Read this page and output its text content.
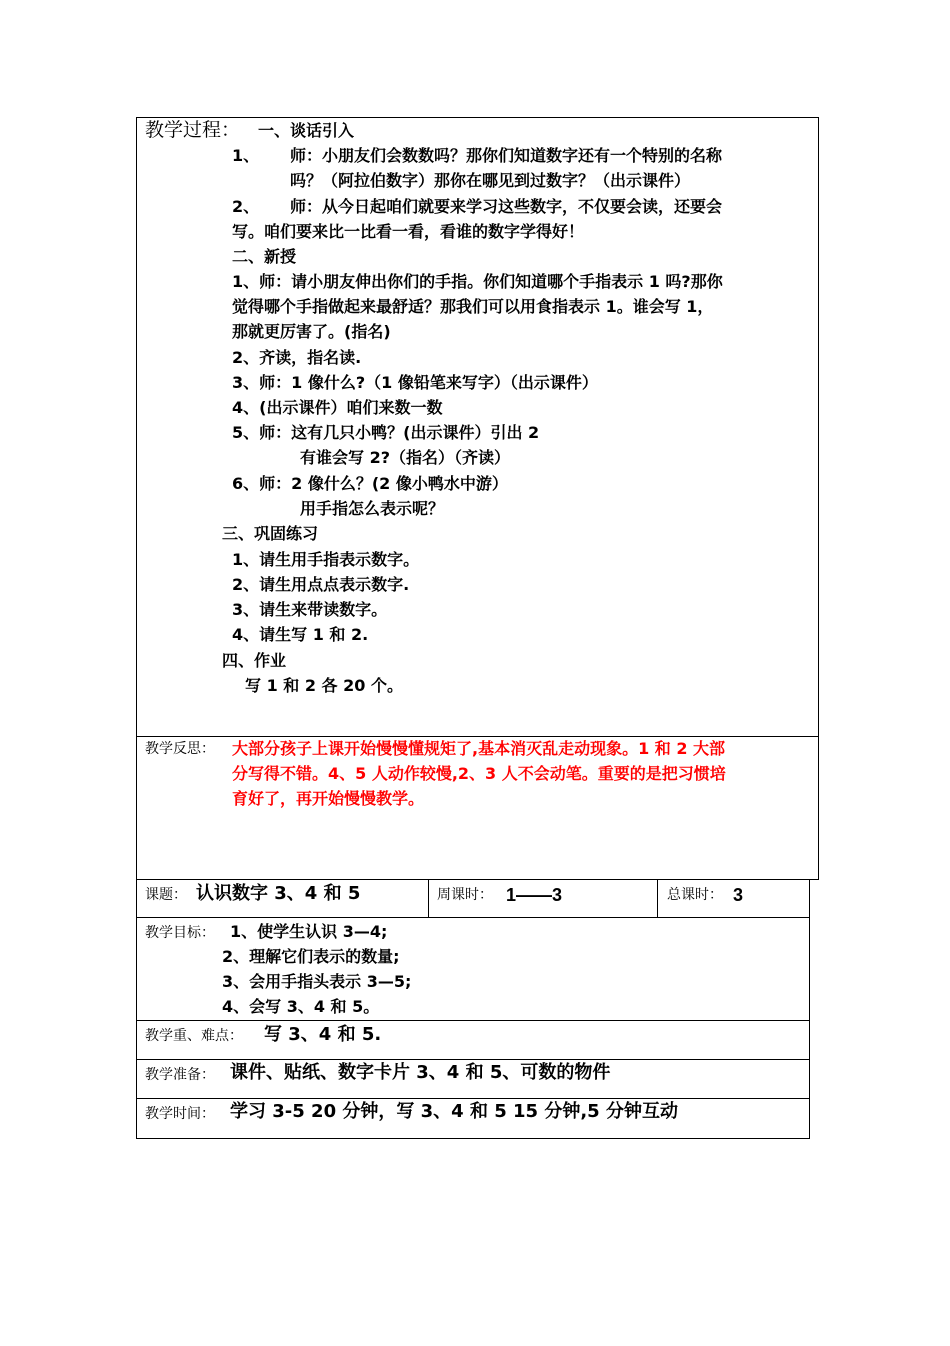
教学过程： 一、谈话引入
1、 师：小朋友们会数数吗？那你们知道数字还有一个特别的名称
吗？（阿拉伯数字）那你在哪见到过数字？（出示课件）
2、 师：从今日起咱们就要来学习这些数字，不仅要会读，还要会
写。咱们要来比一比看一看，看谁的数字学得好！
二、新授
1、师：请小朋友伸出你们的手指。你们知道哪个手指表示 1 吗?那你
觉得哪个手指做起来最舒适？那我们可以用食指表示 1。谁会写 1，
那就更厉害了。(指名)
2、齐读，指名读.
3、师：1 像什么?（1 像铅笔来写字）（出示课件）
4、(出示课件）咱们来数一数
5、师：这有几只小鸭？(出示课件）引出 2
有谁会写 2?（指名）（齐读）
6、师：2 像什么？(2 像小鸭水中游）
用手指怎么表示呢？
三、巩固练习
1、请生用手指表示数字。
2、请生用点点表示数字.
3、请生来带读数字。
4、请生写 1 和 2.
四、作业
写 1 和 2 各 20 个。
教学反思： 大部分孩子上课开始慢慢懂规矩了,基本消灭乱走动现象。1 和 2 大部
分写得不错。4、5 人动作较慢,2、3 人不会动笔。重要的是把习惯培
育好了，再开始慢慢教学。
课题： 认识数字 3、4 和 5	周课时： 1——3	总课时： 3
教学目标： 1、使学生认识 3—4;
2、理解它们表示的数量;
3、会用手指头表示 3—5;
4、会写 3、4 和 5。
教学重、难点： 写 3、4 和 5.
教学准备： 课件、贴纸、数字卡片 3、4 和 5、可数的物件
教学时间： 学习 3-5 20 分钟，写 3、4 和 5 15 分钟,5 分钟互动
